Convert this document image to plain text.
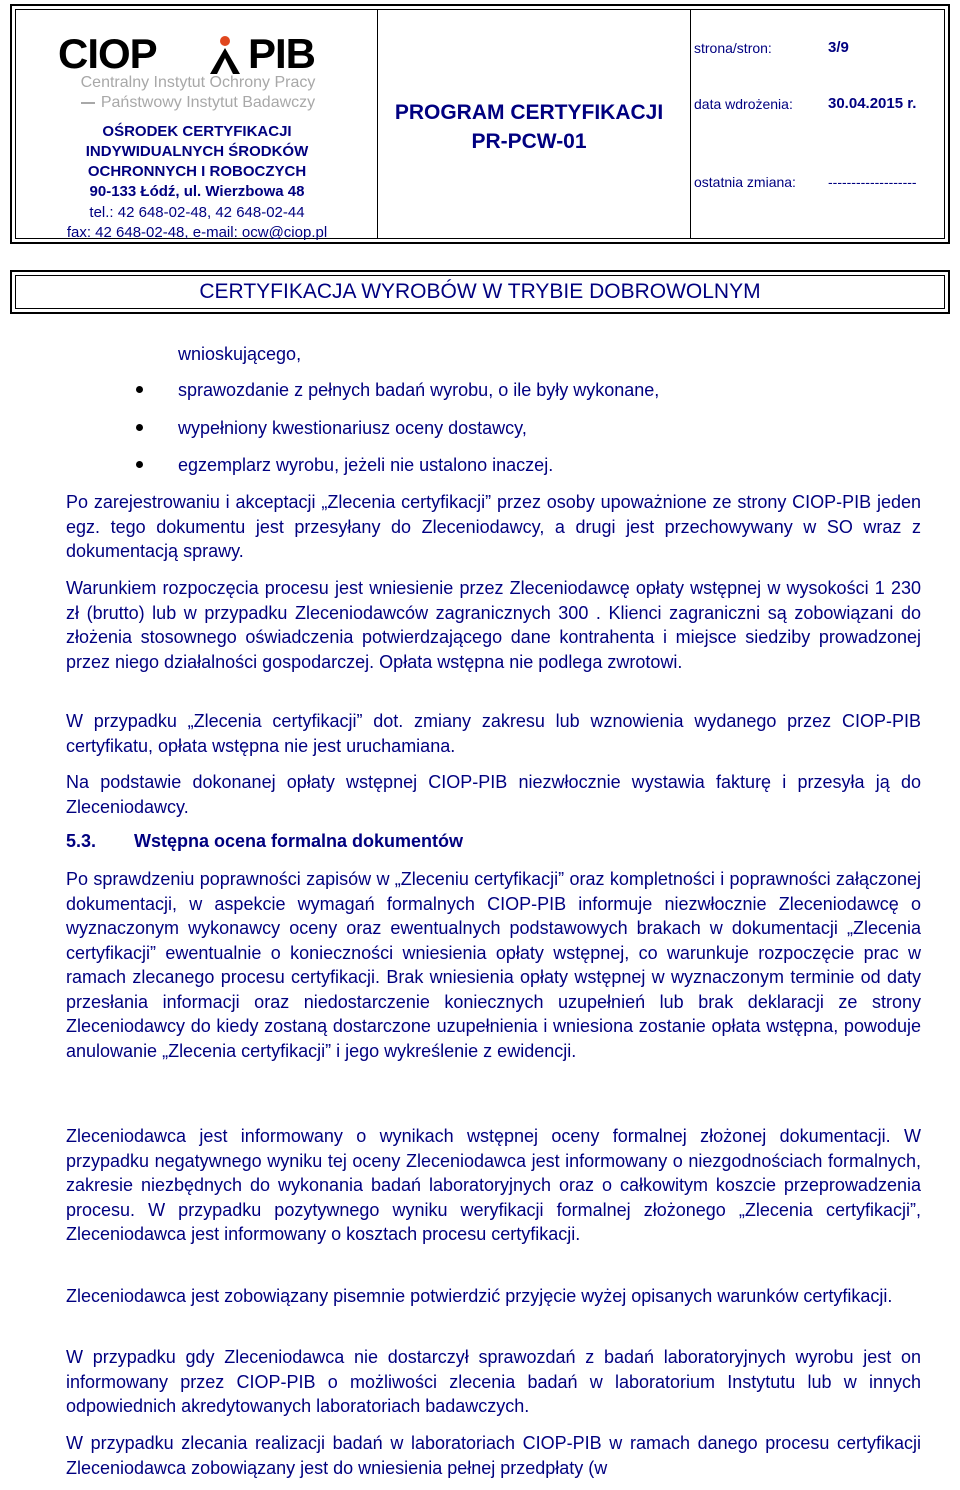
CIOP PIB
Centralny Instytut Ochrony Pracy
Państwowy Instytut Badawczy
OŚRODEK CERTYFIKACJI
INDYWIDUALNYCH ŚRODKÓW
OCHRONNYCH I ROBOCZYCH
90-133 Łódź, ul. Wierzbowa 48
tel.: 42 648-02-48, 42 648-02-44
fax: 42 648-02-48, e-mail: ocw@ciop.pl
PROGRAM CERTYFIKACJI
PR-PCW-01
strona/stron:	3/9
data wdrożenia: 30.04.2015 r.
ostatnia zmiana: -------------------
CERTYFIKACJA WYROBÓW W TRYBIE DOBROWOLNYM
wnioskującego,
sprawozdanie z pełnych badań wyrobu, o ile były wykonane,
wypełniony kwestionariusz oceny dostawcy,
egzemplarz wyrobu, jeżeli nie ustalono inaczej.
Po zarejestrowaniu i akceptacji „Zlecenia certyfikacji” przez osoby upoważnione ze strony CIOP-PIB jeden egz. tego dokumentu jest przesyłany do Zleceniodawcy, a drugi jest przechowywany w SO wraz z dokumentacją sprawy.
Warunkiem rozpoczęcia procesu jest wniesienie przez Zleceniodawcę opłaty wstępnej w wysokości 1 230 zł (brutto) lub w przypadku Zleceniodawców zagranicznych 300 . Klienci zagraniczni są zobowiązani do złożenia stosownego oświadczenia potwierdzającego dane kontrahenta i miejsce siedziby prowadzonej przez niego działalności gospodarczej. Opłata wstępna nie podlega zwrotowi.
W przypadku „Zlecenia certyfikacji” dot. zmiany zakresu lub wznowienia wydanego przez CIOP-PIB certyfikatu, opłata wstępna nie jest uruchamiana.
Na podstawie dokonanej opłaty wstępnej CIOP-PIB niezwłocznie wystawia fakturę i przesyła ją do Zleceniodawcy.
5.3. Wstępna ocena formalna dokumentów
Po sprawdzeniu poprawności zapisów w „Zleceniu certyfikacji” oraz kompletności i poprawności załączonej dokumentacji, w aspekcie wymagań formalnych CIOP-PIB informuje niezwłocznie Zleceniodawcę o wyznaczonym wykonawcy oceny oraz ewentualnych podstawowych brakach w dokumentacji „Zlecenia certyfikacji” ewentualnie o konieczności wniesienia opłaty wstępnej, co warunkuje rozpoczęcie prac w ramach zlecanego procesu certyfikacji. Brak wniesienia opłaty wstępnej w wyznaczonym terminie od daty przesłania informacji oraz niedostarczenie koniecznych uzupełnień lub brak deklaracji ze strony Zleceniodawcy do kiedy zostaną dostarczone uzupełnienia i wniesiona zostanie opłata wstępna, powoduje anulowanie „Zlecenia certyfikacji” i jego wykreślenie z ewidencji.
Zleceniodawca jest informowany o wynikach wstępnej oceny formalnej złożonej dokumentacji. W przypadku negatywnego wyniku tej oceny Zleceniodawca jest informowany o niezgodnościach formalnych, zakresie niezbędnych do wykonania badań laboratoryjnych oraz o całkowitym koszcie przeprowadzenia procesu. W przypadku pozytywnego wyniku weryfikacji formalnej złożonego „Zlecenia certyfikacji”, Zleceniodawca jest informowany o kosztach procesu certyfikacji.
Zleceniodawca jest zobowiązany pisemnie potwierdzić przyjęcie wyżej opisanych warunków certyfikacji.
W przypadku gdy Zleceniodawca nie dostarczył sprawozdań z badań laboratoryjnych wyrobu jest on informowany przez CIOP-PIB o możliwości zlecenia badań w laboratorium Instytutu lub w innych odpowiednich akredytowanych laboratoriach badawczych.
W przypadku zlecania realizacji badań w laboratoriach CIOP-PIB w ramach danego procesu certyfikacji Zleceniodawca zobowiązany jest do wniesienia pełnej przedpłaty (w
